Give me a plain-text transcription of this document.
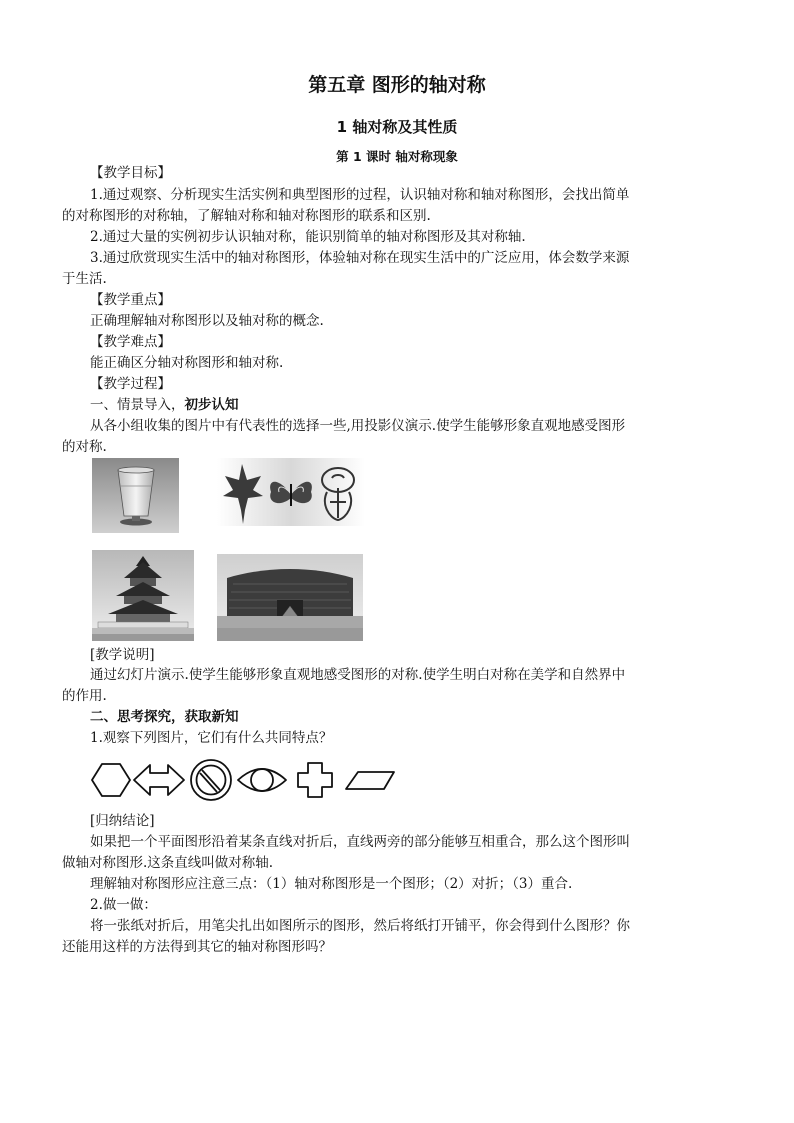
第五章 图形的轴对称
1 轴对称及其性质
第 1 课时 轴对称现象
【教学目标】
1.通过观察、分析现实生活实例和典型图形的过程，认识轴对称和轴对称图形，会找出简单
的对称图形的对称轴，了解轴对称和轴对称图形的联系和区别.
2.通过大量的实例初步认识轴对称，能识别简单的轴对称图形及其对称轴.
3.通过欣赏现实生活中的轴对称图形，体验轴对称在现实生活中的广泛应用，体会数学来源
于生活.
【教学重点】
正确理解轴对称图形以及轴对称的概念.
【教学难点】
能正确区分轴对称图形和轴对称.
【教学过程】
一、情景导入，初步认知
从各小组收集的图片中有代表性的选择一些,用投影仪演示.使学生能够形象直观地感受图形
的对称.
[教学说明]
通过幻灯片演示.使学生能够形象直观地感受图形的对称.使学生明白对称在美学和自然界中
的作用.
二、思考探究，获取新知
1.观察下列图片，它们有什么共同特点？
[归纳结论]
如果把一个平面图形沿着某条直线对折后，直线两旁的部分能够互相重合，那么这个图形叫
做轴对称图形.这条直线叫做对称轴.
理解轴对称图形应注意三点：（1）轴对称图形是一个图形；（2）对折；（3）重合.
2.做一做：
将一张纸对折后，用笔尖扎出如图所示的图形，然后将纸打开铺平，你会得到什么图形？你
还能用这样的方法得到其它的轴对称图形吗？
